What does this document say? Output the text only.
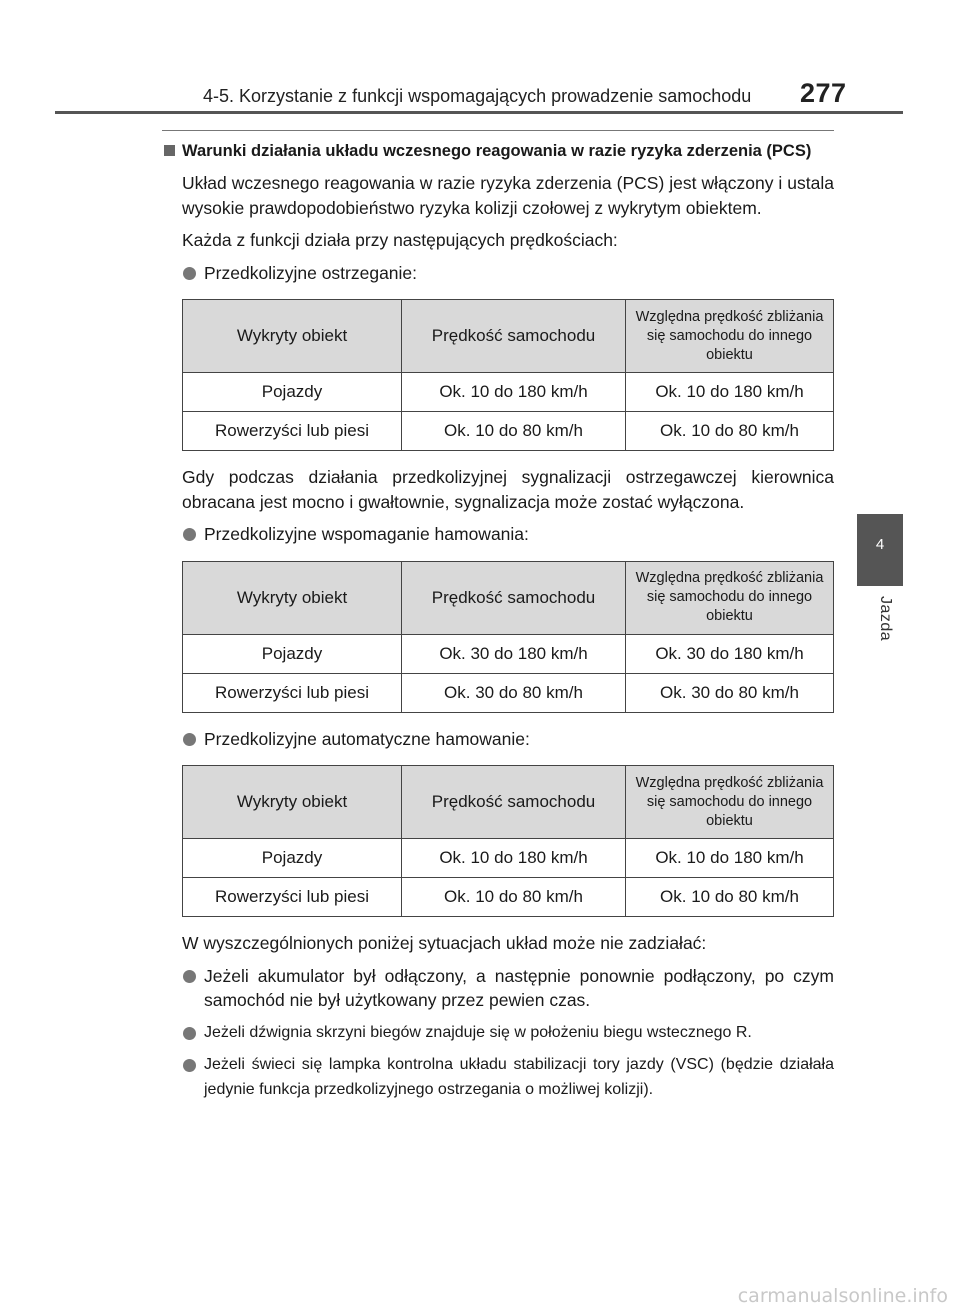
4-5. Korzystanie z funkcji wspomagających prowadzenie samochodu 277
4
Jazda
Warunki działania układu wczesnego reagowania w razie ryzyka zderzenia (PCS)
Układ wczesnego reagowania w razie ryzyka zderzenia (PCS) jest włączony i ustala wysokie prawdopodobieństwo ryzyka kolizji czołowej z wykrytym obiektem.
Każda z funkcji działa przy następujących prędkościach:
Przedkolizyjne ostrzeganie:
Wykryty obiekt	Prędkość samochodu	Względna prędkość zbliżania się samochodu do innego obiektu
Pojazdy	Ok. 10 do 180 km/h	Ok. 10 do 180 km/h
Rowerzyści lub piesi	Ok. 10 do 80 km/h	Ok. 10 do 80 km/h
Gdy podczas działania przedkolizyjnej sygnalizacji ostrzegawczej kierownica obracana jest mocno i gwałtownie, sygnalizacja może zostać wyłączona.
Przedkolizyjne wspomaganie hamowania:
Wykryty obiekt	Prędkość samochodu	Względna prędkość zbliżania się samochodu do innego obiektu
Pojazdy	Ok. 30 do 180 km/h	Ok. 30 do 180 km/h
Rowerzyści lub piesi	Ok. 30 do 80 km/h	Ok. 30 do 80 km/h
Przedkolizyjne automatyczne hamowanie:
Wykryty obiekt	Prędkość samochodu	Względna prędkość zbliżania się samochodu do innego obiektu
Pojazdy	Ok. 10 do 180 km/h	Ok. 10 do 180 km/h
Rowerzyści lub piesi	Ok. 10 do 80 km/h	Ok. 10 do 80 km/h
W wyszczególnionych poniżej sytuacjach układ może nie zadziałać:
Jeżeli akumulator był odłączony, a następnie ponownie podłączony, po czym samochód nie był użytkowany przez pewien czas.
Jeżeli dźwignia skrzyni biegów znajduje się w położeniu biegu wstecznego R.
Jeżeli świeci się lampka kontrolna układu stabilizacji tory jazdy (VSC) (będzie działała jedynie funkcja przedkolizyjnego ostrzegania o możliwej kolizji).
carmanualsonline.info
